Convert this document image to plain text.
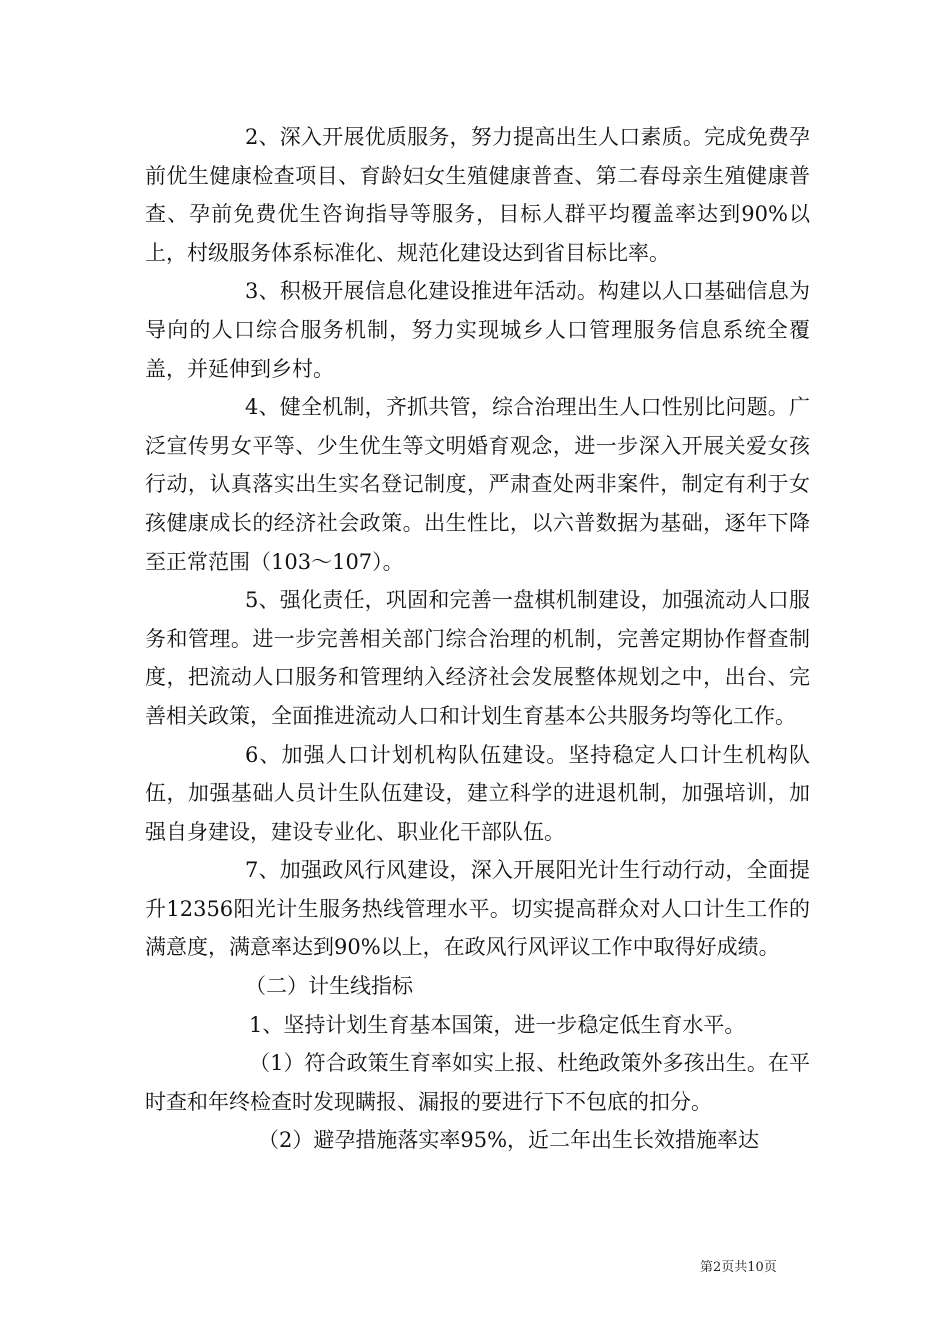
2、深入开展优质服务，努力提高出生人口素质。完成免费孕前优生健康检查项目、育龄妇女生殖健康普查、第二春母亲生殖健康普查、孕前免费优生咨询指导等服务，目标人群平均覆盖率达到90%以上，村级服务体系标准化、规范化建设达到省目标比率。

3、积极开展信息化建设推进年活动。构建以人口基础信息为导向的人口综合服务机制，努力实现城乡人口管理服务信息系统全覆盖，并延伸到乡村。

4、健全机制，齐抓共管，综合治理出生人口性别比问题。广泛宣传男女平等、少生优生等文明婚育观念，进一步深入开展关爱女孩行动，认真落实出生实名登记制度，严肃查处两非案件，制定有利于女孩健康成长的经济社会政策。出生性比，以六普数据为基础，逐年下降至正常范围（103～107）。

5、强化责任，巩固和完善一盘棋机制建设，加强流动人口服务和管理。进一步完善相关部门综合治理的机制，完善定期协作督查制度，把流动人口服务和管理纳入经济社会发展整体规划之中，出台、完善相关政策，全面推进流动人口和计划生育基本公共服务均等化工作。

6、加强人口计划机构队伍建设。坚持稳定人口计生机构队伍，加强基础人员计生队伍建设，建立科学的进退机制，加强培训，加强自身建设，建设专业化、职业化干部队伍。

7、加强政风行风建设，深入开展阳光计生行动行动，全面提升12356阳光计生服务热线管理水平。切实提高群众对人口计生工作的满意度，满意率达到90%以上，在政风行风评议工作中取得好成绩。

（二）计生线指标

1、坚持计划生育基本国策，进一步稳定低生育水平。

（1）符合政策生育率如实上报、杜绝政策外多孩出生。在平时查和年终检查时发现瞒报、漏报的要进行下不包底的扣分。

（2）避孕措施落实率95%，近二年出生长效措施率达

第2页共10页
